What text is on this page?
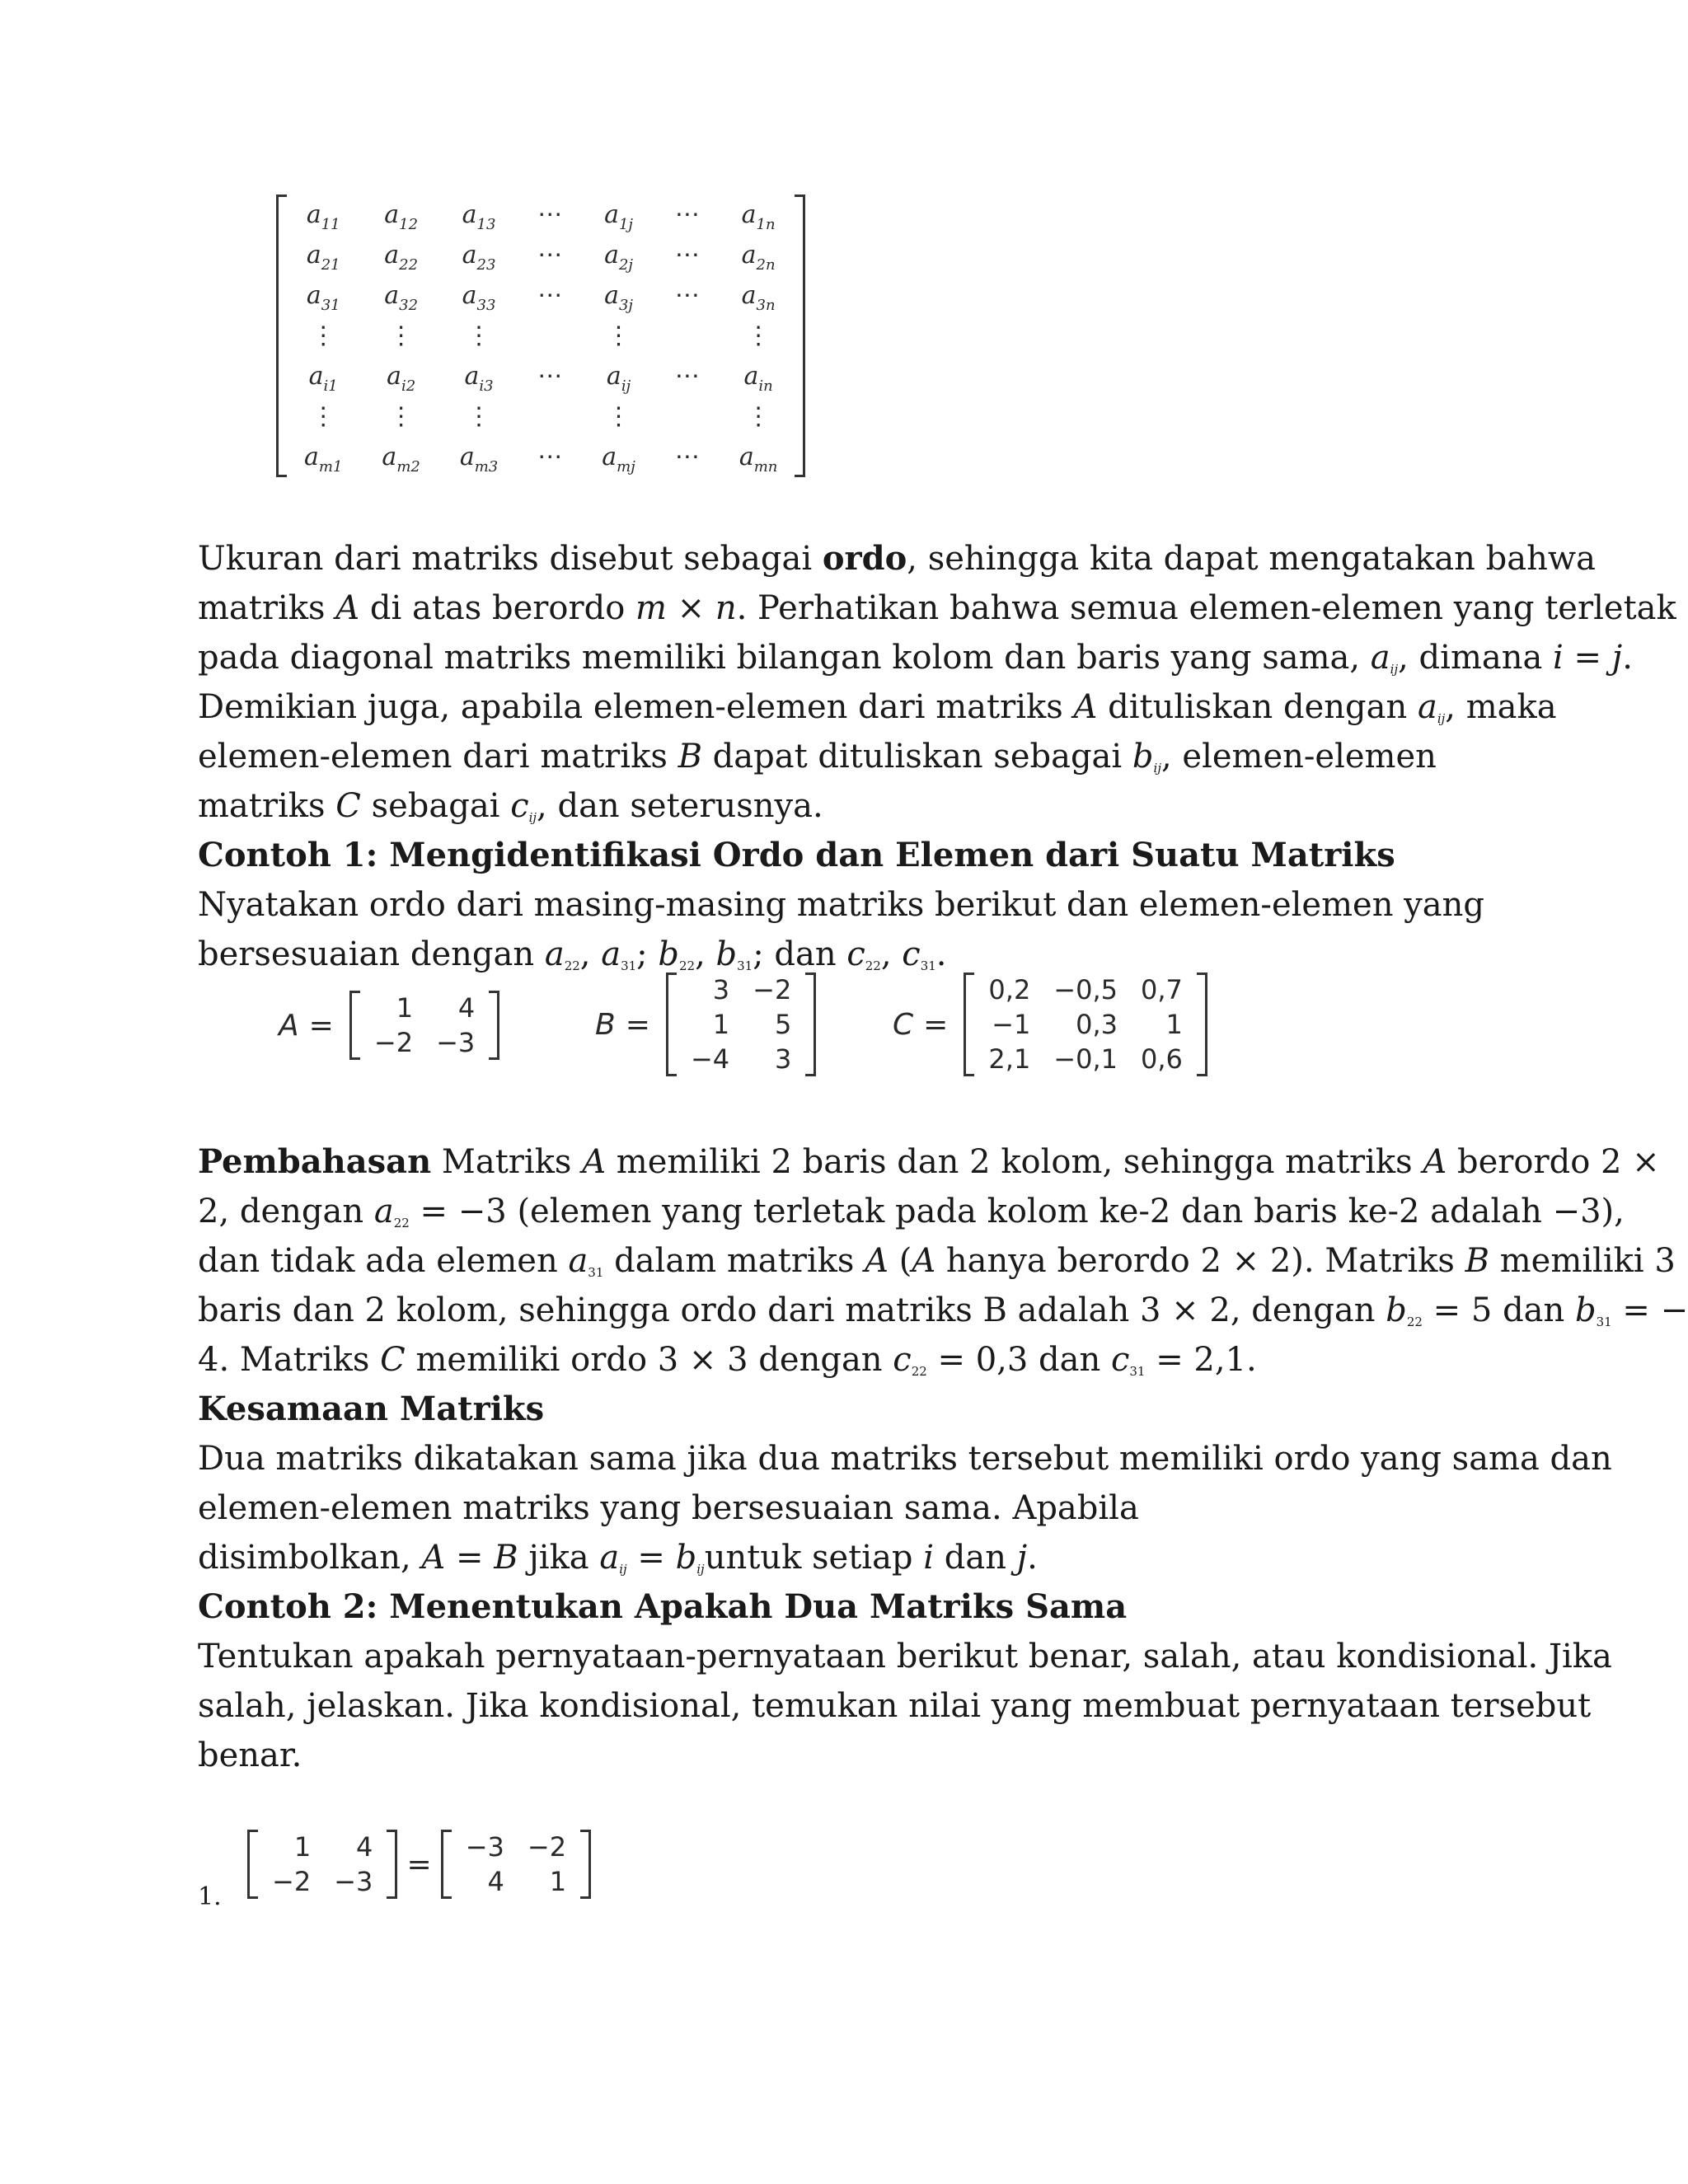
$a_{11}$	$a_{12}$	$a_{13}$	⋯	$a_{1j}$	⋯	$a_{1n}$
$a_{21}$	$a_{22}$	$a_{23}$	⋯	$a_{2j}$	⋯	$a_{2n}$
$a_{31}$	$a_{32}$	$a_{33}$	⋯	$a_{3j}$	⋯	$a_{3n}$
⋮	⋮	⋮		⋮		⋮
$a_{i1}$	$a_{i2}$	$a_{i3}$	⋯	$a_{ij}$	⋯	$a_{in}$
⋮	⋮	⋮		⋮		⋮
$a_{m1}$	$a_{m2}$	$a_{m3}$	⋯	$a_{mj}$	⋯	$a_{mn}$

Ukuran dari matriks disebut sebagai ordo, sehingga kita dapat mengatakan bahwa

matriks A di atas berordo m × n. Perhatikan bahwa semua elemen-elemen yang terletak

pada diagonal matriks memiliki bilangan kolom dan baris yang sama, $a_{ij}$, dimana i = j.

Demikian juga, apabila elemen-elemen dari matriks A dituliskan dengan $a_{ij}$, maka

elemen-elemen dari matriks B dapat dituliskan sebagai $b_{ij}$, elemen-elemen

matriks C sebagai $c_{ij}$, dan seterusnya.

Contoh 1: Mengidentifikasi Ordo dan Elemen dari Suatu Matriks

Nyatakan ordo dari masing-masing matriks berikut dan elemen-elemen yang

bersesuaian dengan $a_{22}$, $a_{31}$; $b_{22}$, $b_{31}$; dan $c_{22}$, $c_{31}$.

A =
1	4
−2	−3
B =
3	−2
1	5
−4	3
C =
0,2	−0,5	0,7
−1	0,3	1
2,1	−0,1	0,6

Pembahasan Matriks A memiliki 2 baris dan 2 kolom, sehingga matriks A berordo 2 ×

2, dengan $a_{22} = -3$ (elemen yang terletak pada kolom ke-2 dan baris ke-2 adalah −3),

dan tidak ada elemen $a_{31}$ dalam matriks A (A hanya berordo 2 × 2). Matriks B memiliki 3

baris dan 2 kolom, sehingga ordo dari matriks B adalah 3 × 2, dengan $b_{22} = 5$ dan $b_{31}$ = −

4. Matriks C memiliki ordo 3 × 3 dengan $c_{22} = 0,3$ dan $c_{31} = 2,1$.

Kesamaan Matriks

Dua matriks dikatakan sama jika dua matriks tersebut memiliki ordo yang sama dan

elemen-elemen matriks yang bersesuaian sama. Apabila

disimbolkan, A = B jika $a_{ij}$ = $b_{ij}untuk$ setiap i dan j.

Contoh 2: Menentukan Apakah Dua Matriks Sama

Tentukan apakah pernyataan-pernyataan berikut benar, salah, atau kondisional. Jika

salah, jelaskan. Jika kondisional, temukan nilai yang membuat pernyataan tersebut

benar.

1	4
−2	−3
=
−3	−2
4	1
1.
